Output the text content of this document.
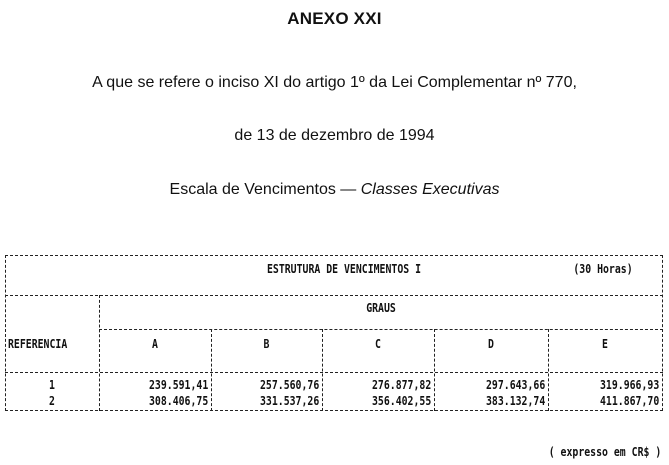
ANEXO XXI
A que se refere o inciso XI do artigo 1º da Lei Complementar nº 770,
de 13 de dezembro de 1994
Escala de Vencimentos — Classes Executivas
ESTRUTURA DE VENCIMENTOS I	(30 Horas)
GRAUS
REFERENCIA	A	B	C	D	E
1	239.591,41	257.560,76	276.877,82	297.643,66	319.966,93
2	308.406,75	331.537,26	356.402,55	383.132,74	411.867,70
( expresso em CR$ )
